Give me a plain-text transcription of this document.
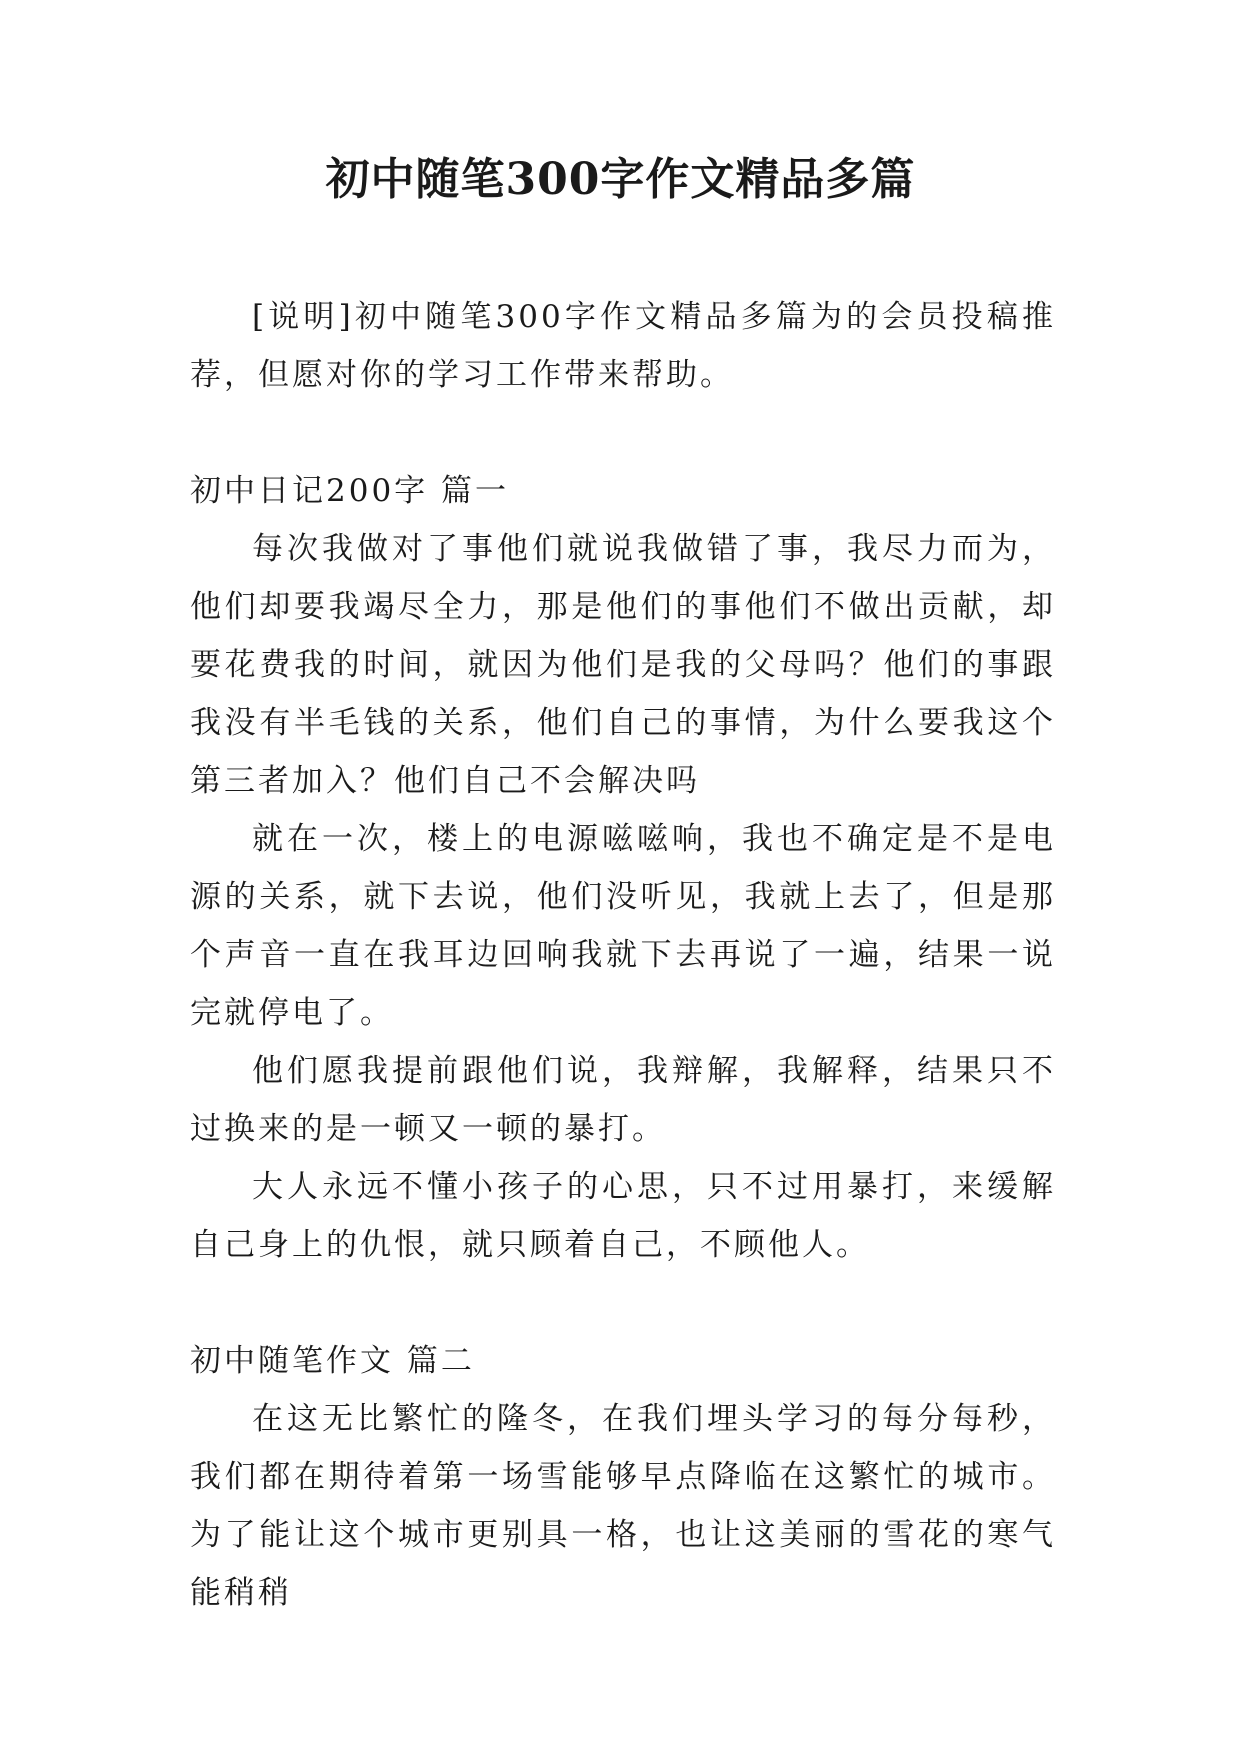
初中随笔300字作文精品多篇

[说明]初中随笔300字作文精品多篇为的会员投稿推荐，但愿对你的学习工作带来帮助。

初中日记200字 篇一

每次我做对了事他们就说我做错了事，我尽力而为，他们却要我竭尽全力，那是他们的事他们不做出贡献，却要花费我的时间，就因为他们是我的父母吗？他们的事跟我没有半毛钱的关系，他们自己的事情，为什么要我这个第三者加入？他们自己不会解决吗

就在一次，楼上的电源嗞嗞响，我也不确定是不是电源的关系，就下去说，他们没听见，我就上去了，但是那个声音一直在我耳边回响我就下去再说了一遍，结果一说完就停电了。

他们愿我提前跟他们说，我辩解，我解释，结果只不过换来的是一顿又一顿的暴打。

大人永远不懂小孩子的心思，只不过用暴打，来缓解自己身上的仇恨，就只顾着自己，不顾他人。

初中随笔作文 篇二

在这无比繁忙的隆冬，在我们埋头学习的每分每秒，我们都在期待着第一场雪能够早点降临在这繁忙的城市。为了能让这个城市更别具一格，也让这美丽的雪花的寒气能稍稍
